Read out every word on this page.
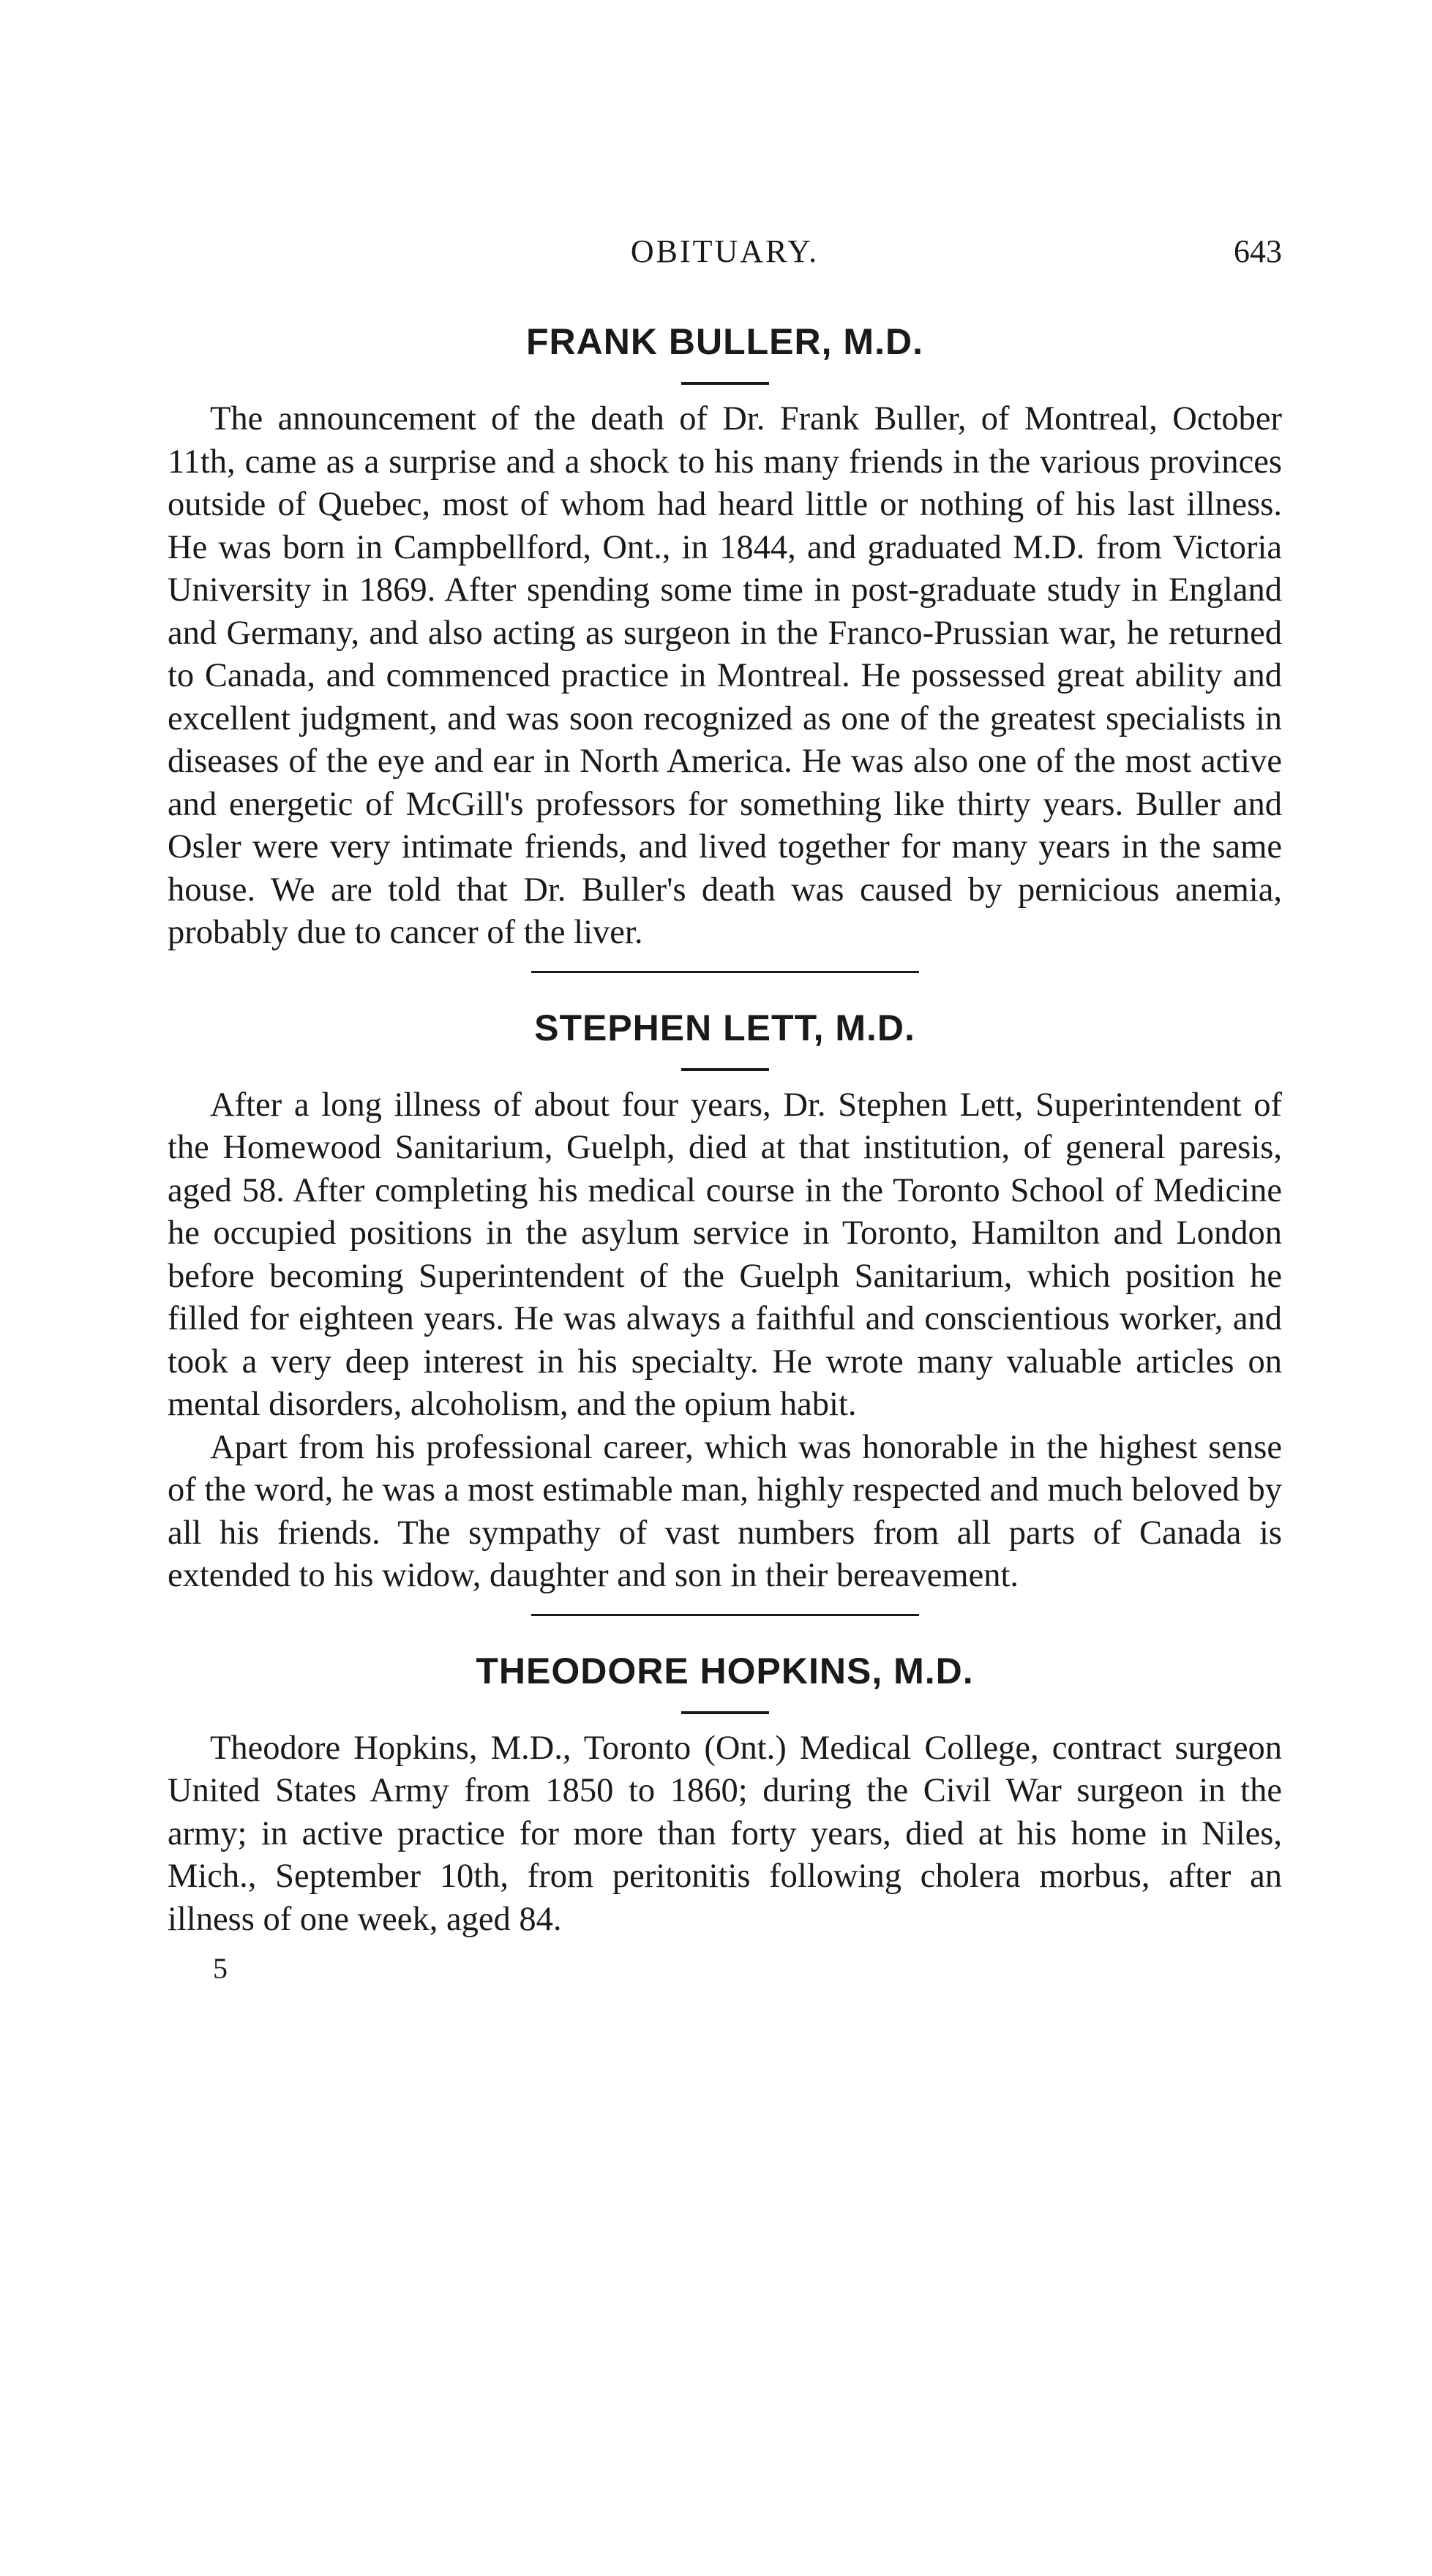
OBITUARY.	643
FRANK BULLER, M.D.

The announcement of the death of Dr. Frank Buller, of Montreal, October 11th, came as a surprise and a shock to his many friends in the various provinces outside of Quebec, most of whom had heard little or nothing of his last illness. He was born in Campbellford, Ont., in 1844, and graduated M.D. from Victoria University in 1869. After spending some time in post-graduate study in England and Germany, and also acting as surgeon in the Franco-Prussian war, he returned to Canada, and commenced practice in Montreal. He possessed great ability and excellent judgment, and was soon recognized as one of the greatest specialists in diseases of the eye and ear in North America. He was also one of the most active and energetic of McGill's professors for something like thirty years. Buller and Osler were very intimate friends, and lived together for many years in the same house. We are told that Dr. Buller's death was caused by pernicious anemia, probably due to cancer of the liver.

STEPHEN LETT, M.D.

After a long illness of about four years, Dr. Stephen Lett, Superintendent of the Homewood Sanitarium, Guelph, died at that institution, of general paresis, aged 58. After completing his medical course in the Toronto School of Medicine he occupied positions in the asylum service in Toronto, Hamilton and London before becoming Superintendent of the Guelph Sanitarium, which position he filled for eighteen years. He was always a faithful and conscientious worker, and took a very deep interest in his specialty. He wrote many valuable articles on mental disorders, alcoholism, and the opium habit.

Apart from his professional career, which was honorable in the highest sense of the word, he was a most estimable man, highly respected and much beloved by all his friends. The sympathy of vast numbers from all parts of Canada is extended to his widow, daughter and son in their bereavement.

THEODORE HOPKINS, M.D.

Theodore Hopkins, M.D., Toronto (Ont.) Medical College, contract surgeon United States Army from 1850 to 1860; during the Civil War surgeon in the army; in active practice for more than forty years, died at his home in Niles, Mich., September 10th, from peritonitis following cholera morbus, after an illness of one week, aged 84.

5
